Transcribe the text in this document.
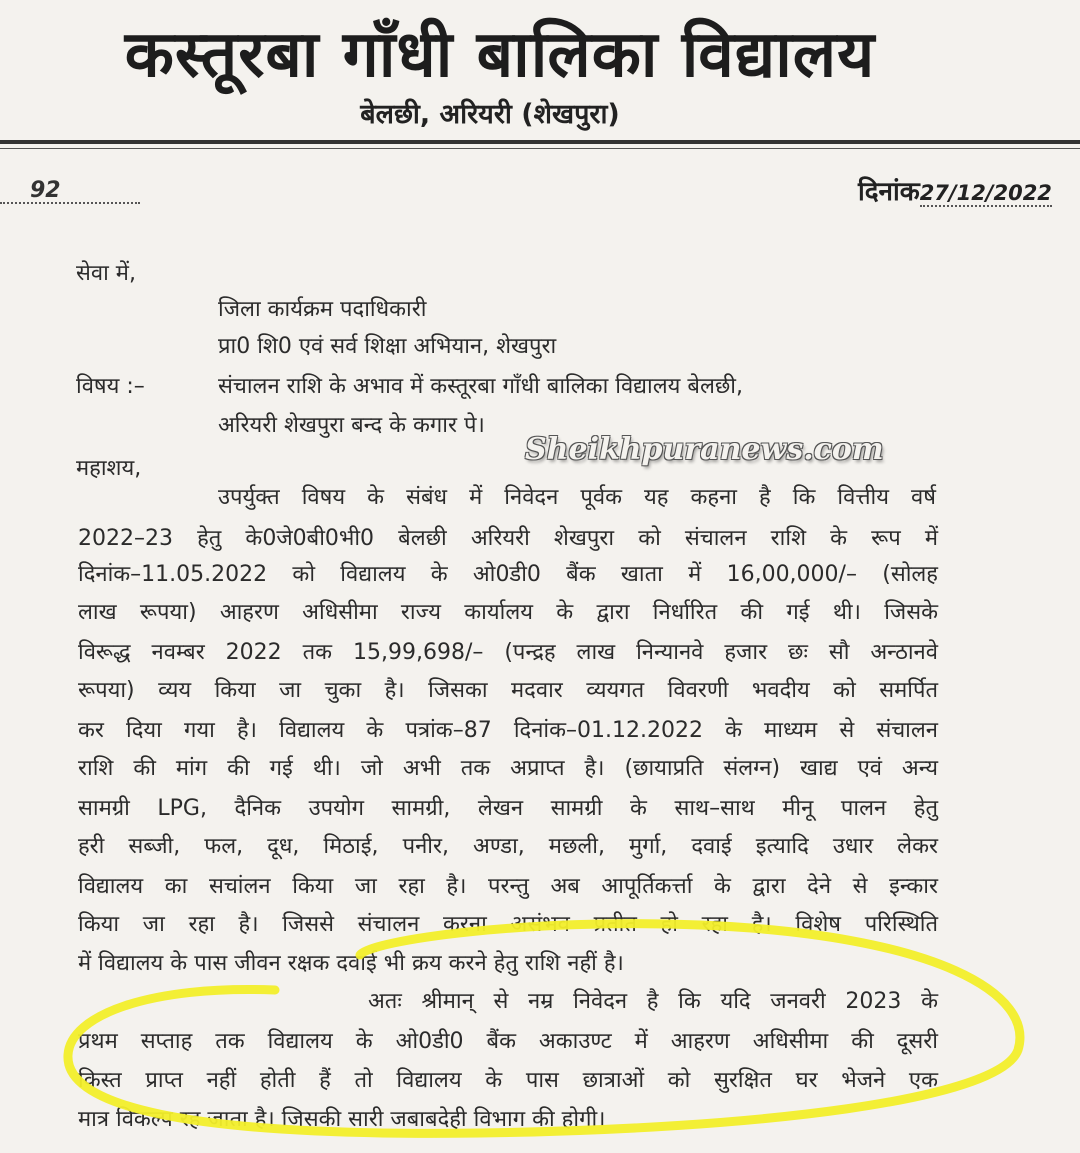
कस्तूरबा गाँधी बालिका विद्यालय
बेलछी, अरियरी (शेखपुरा)
92	दिनांक27/12/2022
सेवा में,
जिला कार्यक्रम पदाधिकारी
प्रा0 शि0 एवं सर्व शिक्षा अभियान, शेखपुरा
विषय :–	संचालन राशि के अभाव में कस्तूरबा गाँधी बालिका विद्यालय बेलछी,
अरियरी शेखपुरा बन्द के कगार पे।
महाशय,
Sheikhpuranews.com
उपर्युक्त विषय के संबंध में निवेदन पूर्वक यह कहना है कि वित्तीय वर्ष
2022–23 हेतु के0जे0बी0भी0 बेलछी अरियरी शेखपुरा को संचालन राशि के रूप में
दिनांक–11.05.2022 को विद्यालय के ओ0डी0 बैंक खाता में 16,00,000/– (सोलह
लाख रूपया) आहरण अधिसीमा राज्य कार्यालय के द्वारा निर्धारित की गई थी। जिसके
विरूद्ध नवम्बर 2022 तक 15,99,698/– (पन्द्रह लाख निन्यानवे हजार छः सौ अन्ठानवे
रूपया) व्यय किया जा चुका है। जिसका मदवार व्ययगत विवरणी भवदीय को समर्पित
कर दिया गया है। विद्यालय के पत्रांक–87 दिनांक–01.12.2022 के माध्यम से संचालन
राशि की मांग की गई थी। जो अभी तक अप्राप्त है। (छायाप्रति संलग्न) खाद्य एवं अन्य
सामग्री LPG, दैनिक उपयोग सामग्री, लेखन सामग्री के साथ–साथ मीनू पालन हेतु
हरी सब्जी, फल, दूध, मिठाई, पनीर, अण्डा, मछली, मुर्गा, दवाई इत्यादि उधार लेकर
विद्यालय का सचांलन किया जा रहा है। परन्तु अब आपूर्तिकर्त्ता के द्वारा देने से इन्कार
किया जा रहा है। जिससे संचालन करना असंभव प्रतीत हो रहा है। विशेष परिस्थिति
में विद्यालय के पास जीवन रक्षक दवाई भी क्रय करने हेतु राशि नहीं है।
अतः श्रीमान् से नम्र निवेदन है कि यदि जनवरी 2023 के
प्रथम सप्ताह तक विद्यालय के ओ0डी0 बैंक अकाउण्ट में आहरण अधिसीमा की दूसरी
किस्त प्राप्त नहीं होती हैं तो विद्यालय के पास छात्राओं को सुरक्षित घर भेजने एक
मात्र विकल्प रह जाता है। जिसकी सारी जबाबदेही विभाग की होगी।
